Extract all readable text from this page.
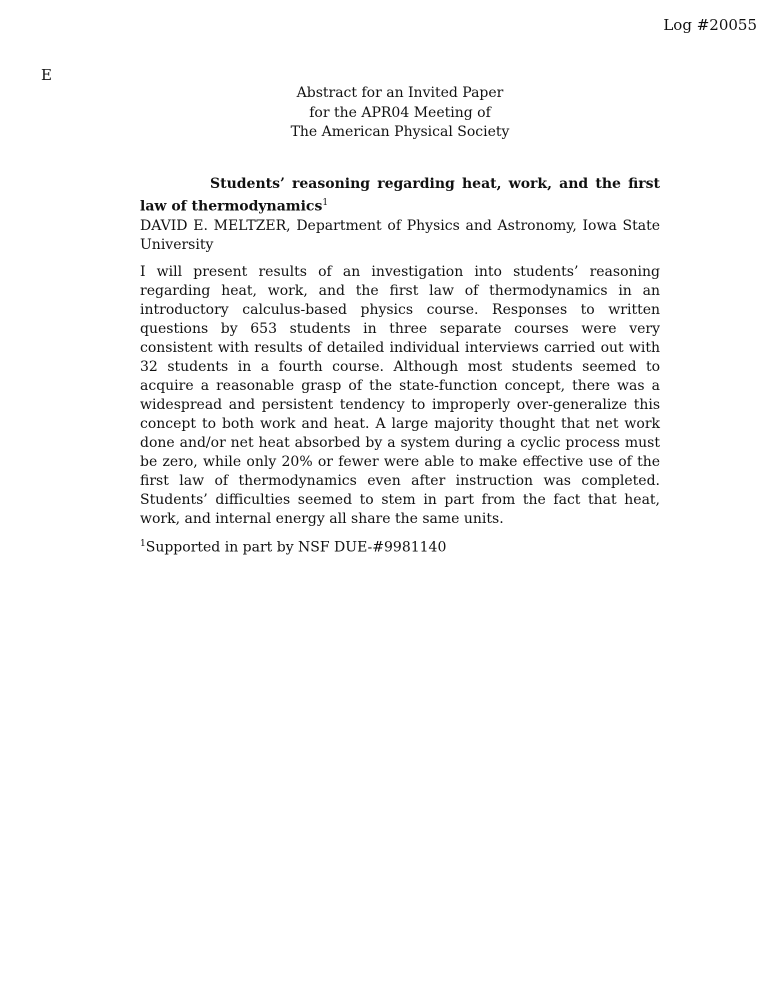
Log #20055
E
Abstract for an Invited Paper
for the APR04 Meeting of
The American Physical Society

Students’ reasoning regarding heat, work, and the first law of thermodynamics$^1$

DAVID E. MELTZER, Department of Physics and Astronomy, Iowa State University

I will present results of an investigation into students’ reasoning regarding heat, work, and the first law of thermodynamics in an introductory calculus-based physics course. Responses to written questions by 653 students in three separate courses were very consistent with results of detailed individual interviews carried out with 32 students in a fourth course. Although most students seemed to acquire a reasonable grasp of the state-function concept, there was a widespread and persistent tendency to improperly over-generalize this concept to both work and heat. A large majority thought that net work done and/or net heat absorbed by a system during a cyclic process must be zero, while only 20% or fewer were able to make effective use of the first law of thermodynamics even after instruction was completed. Students’ difficulties seemed to stem in part from the fact that heat, work, and internal energy all share the same units.

$^1$Supported in part by NSF DUE-#9981140
